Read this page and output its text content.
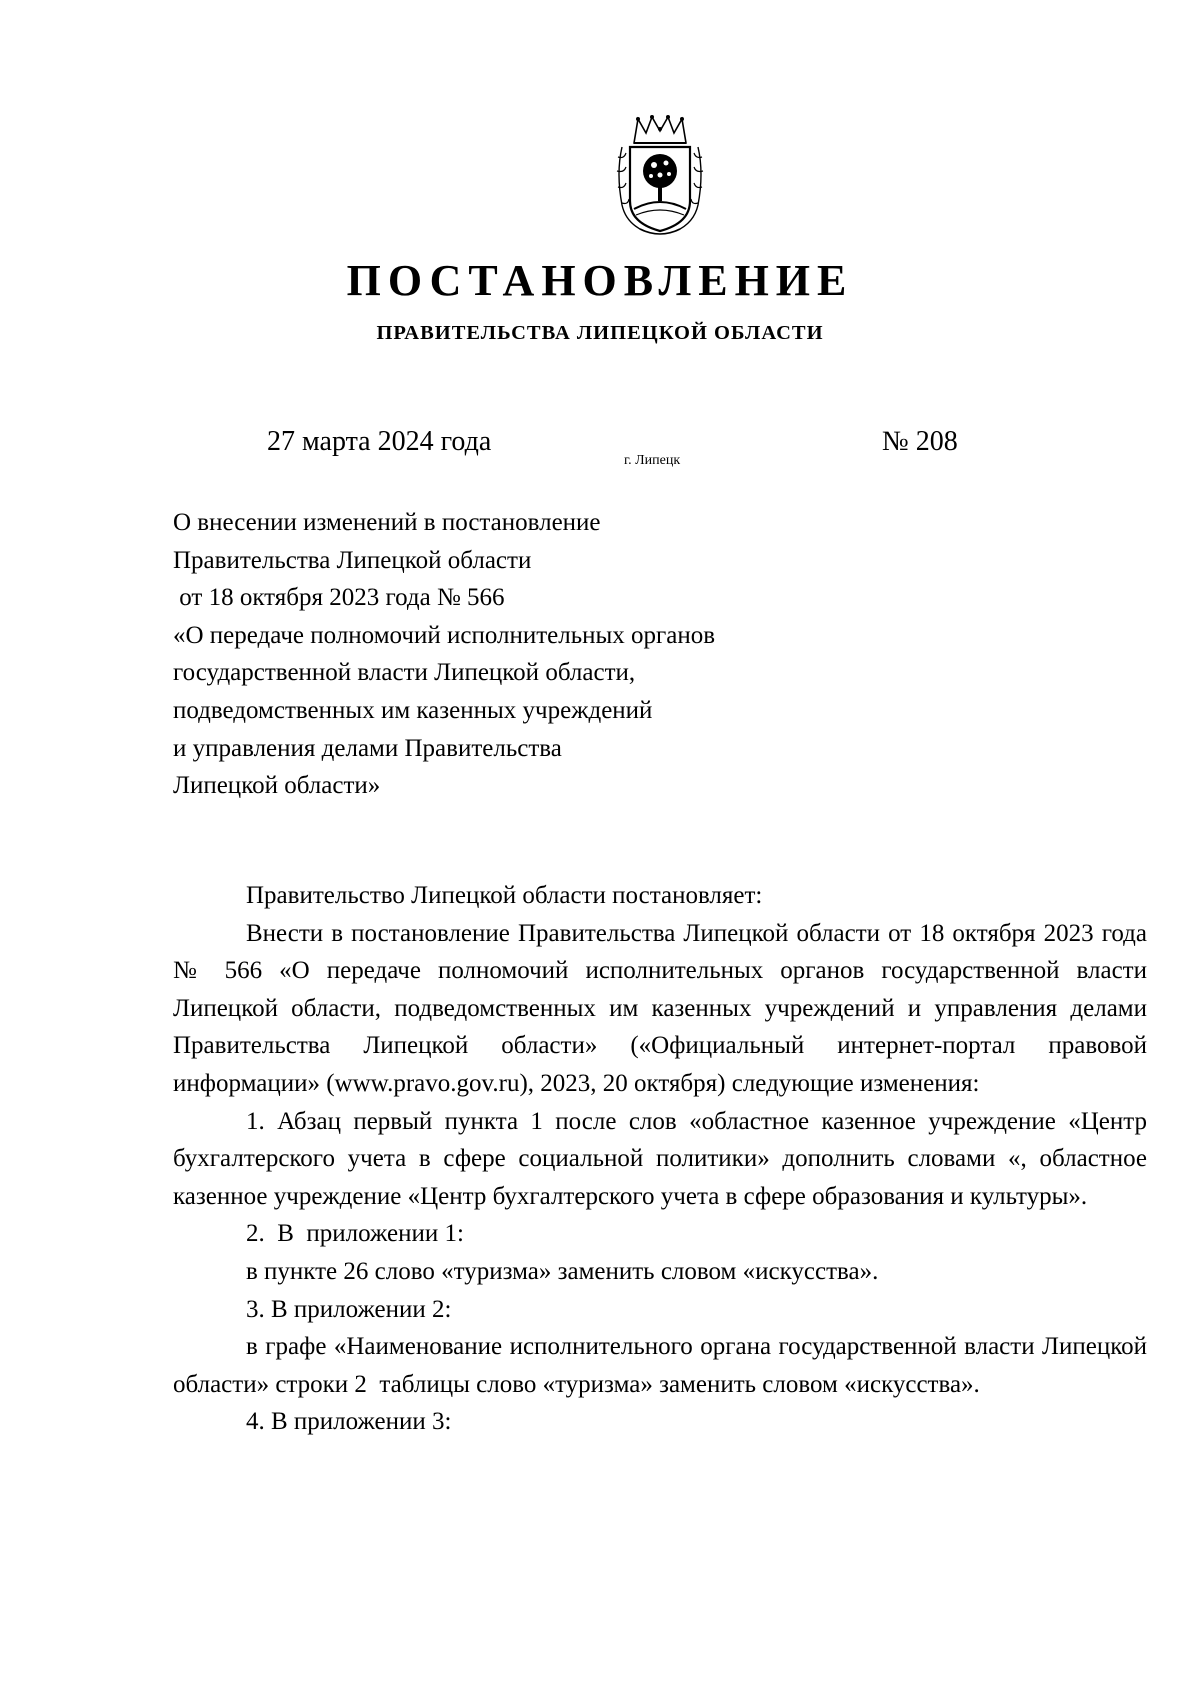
ПОСТАНОВЛЕНИЕ
ПРАВИТЕЛЬСТВА ЛИПЕЦКОЙ ОБЛАСТИ
27 марта 2024 года
г. Липецк
№ 208
О внесении изменений в постановление
Правительства Липецкой области
от 18 октября 2023 года № 566
«О передаче полномочий исполнительных органов
государственной власти Липецкой области,
подведомственных им казенных учреждений
и управления делами Правительства
Липецкой области»

Правительство Липецкой области постановляет:

Внести в постановление Правительства Липецкой области от 18 октября 2023 года № 566 «О передаче полномочий исполнительных органов государственной власти Липецкой области, подведомственных им казенных учреждений и управления делами Правительства Липецкой области» («Официальный интернет-портал правовой информации» (www.pravo.gov.ru), 2023, 20 октября) следующие изменения:

1. Абзац первый пункта 1 после слов «областное казенное учреждение «Центр бухгалтерского учета в сфере социальной политики» дополнить словами «, областное казенное учреждение «Центр бухгалтерского учета в сфере образования и культуры».

2.  В  приложении 1:

в пункте 26 слово «туризма» заменить словом «искусства».

3. В приложении 2:

в графе «Наименование исполнительного органа государственной власти Липецкой области» строки 2  таблицы слово «туризма» заменить словом «искусства».

4. В приложении 3:
